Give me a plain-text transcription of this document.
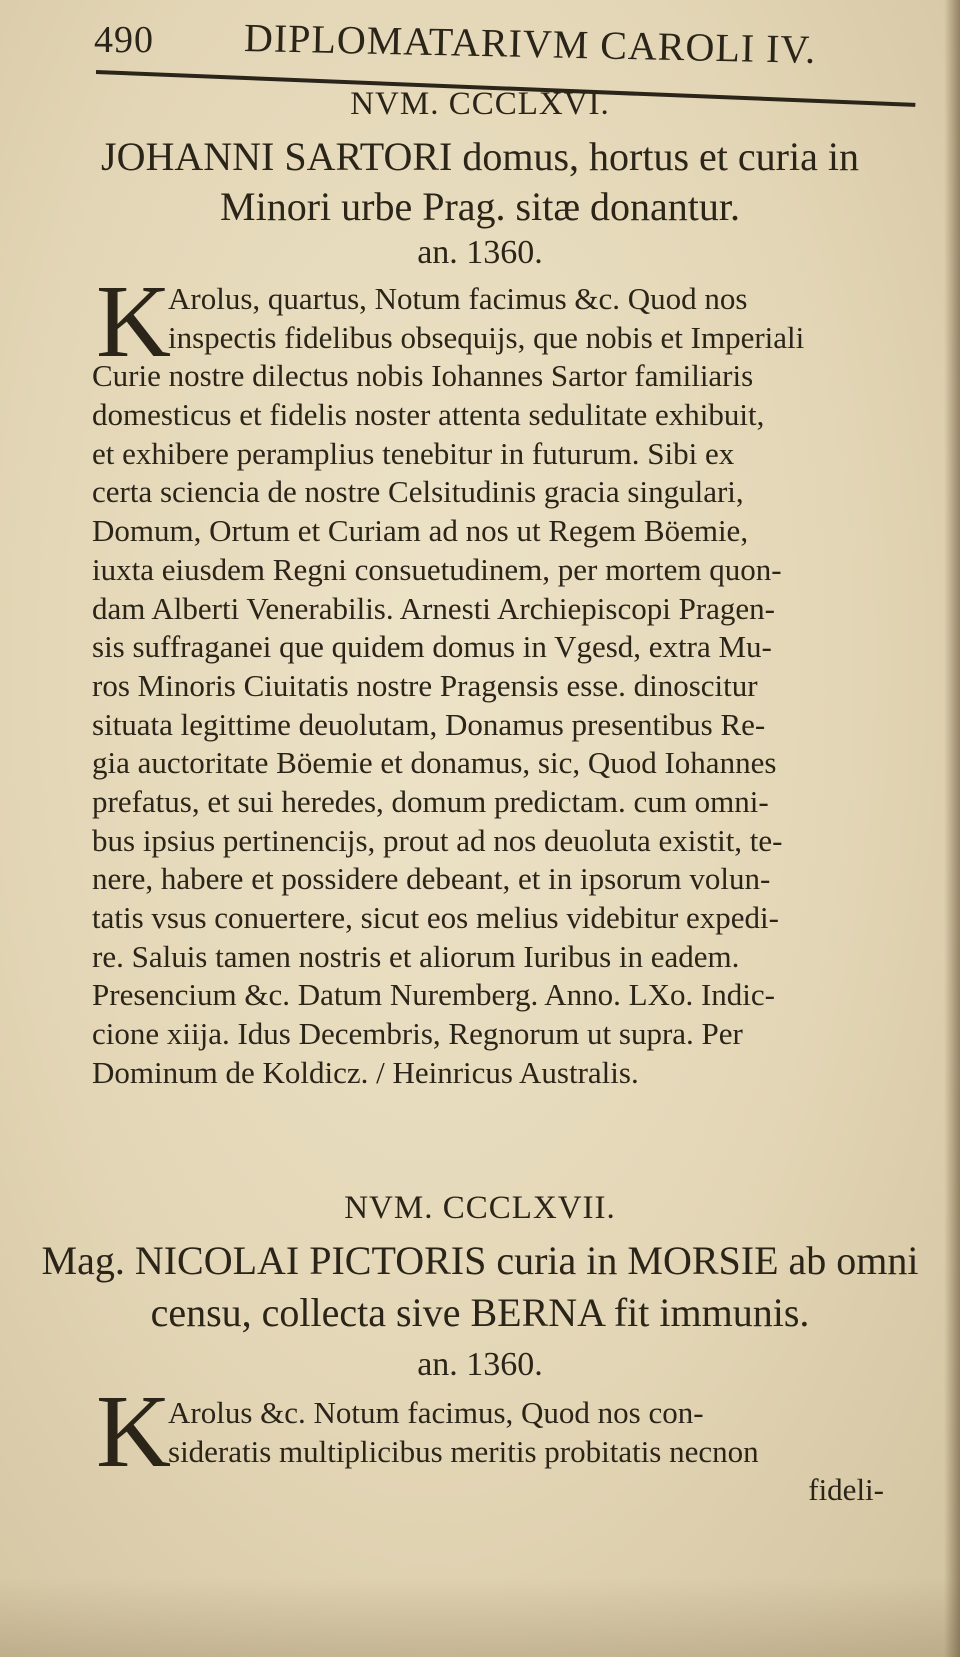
490 DIPLOMATARIVM CAROLI IV.
NVM. CCCLXVI.
JOHANNI SARTORI domus, hortus et curia in
Minori urbe Prag. sitæ donantur.
an. 1360.
K
Arolus, quartus, Notum facimus &c. Quod nos
inspectis fidelibus obsequijs, que nobis et Imperiali
Curie nostre dilectus nobis Iohannes Sartor familiaris
domesticus et fidelis noster attenta sedulitate exhibuit,
et exhibere peramplius tenebitur in futurum. Sibi ex
certa sciencia de nostre Celsitudinis gracia singulari,
Domum, Ortum et Curiam ad nos ut Regem Böemie,
iuxta eiusdem Regni consuetudinem, per mortem quon-
dam Alberti Venerabilis. Arnesti Archiepiscopi Pragen-
sis suffraganei que quidem domus in Vgesd, extra Mu-
ros Minoris Ciuitatis nostre Pragensis esse. dinoscitur
situata legittime deuolutam, Donamus presentibus Re-
gia auctoritate Böemie et donamus, sic, Quod Iohannes
prefatus, et sui heredes, domum predictam. cum omni-
bus ipsius pertinencijs, prout ad nos deuoluta existit, te-
nere, habere et possidere debeant, et in ipsorum volun-
tatis vsus conuertere, sicut eos melius videbitur expedi-
re. Saluis tamen nostris et aliorum Iuribus in eadem.
Presencium &c. Datum Nuremberg. Anno. LXo. Indic-
cione xiija. Idus Decembris, Regnorum ut supra. Per
Dominum de Koldicz. / Heinricus Australis.
NVM. CCCLXVII.
Mag. NICOLAI PICTORIS curia in MORSIE ab omni
censu, collecta sive BERNA fit immunis.
an. 1360.
K
Arolus &c. Notum facimus, Quod nos con-
sideratis multiplicibus meritis probitatis necnon
fideli-
